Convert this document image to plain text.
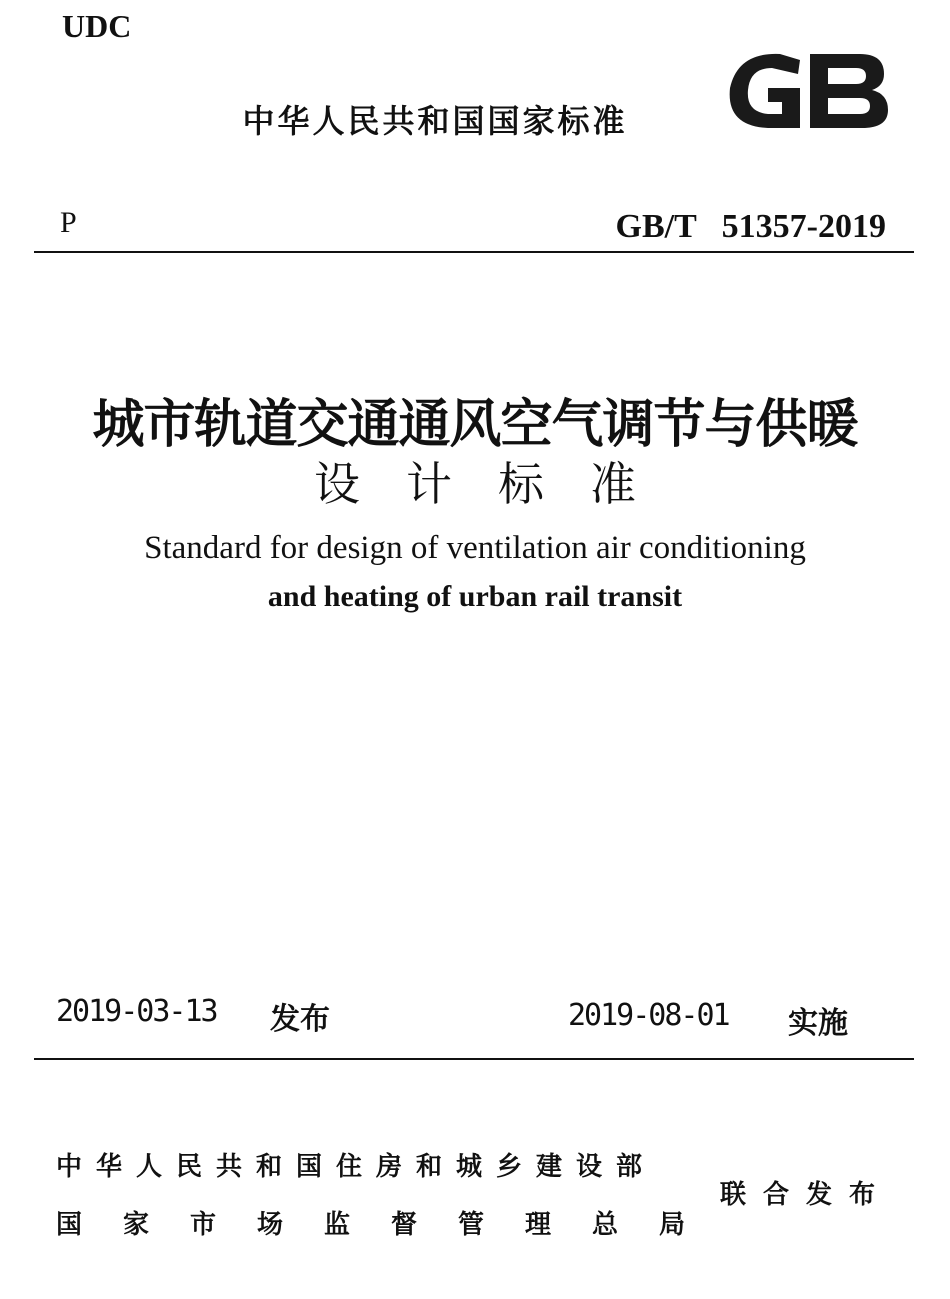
UDC
中华人民共和国国家标准
P	GB/T   51357-2019
城市轨道交通通风空气调节与供暖
设计标准
Standard for design of ventilation air conditioning
and heating of urban rail transit
2019-03-13 发布	2019-08-01 实施
中华人民共和国住房和城乡建设部
国家市场监督管理总局
联合发布
